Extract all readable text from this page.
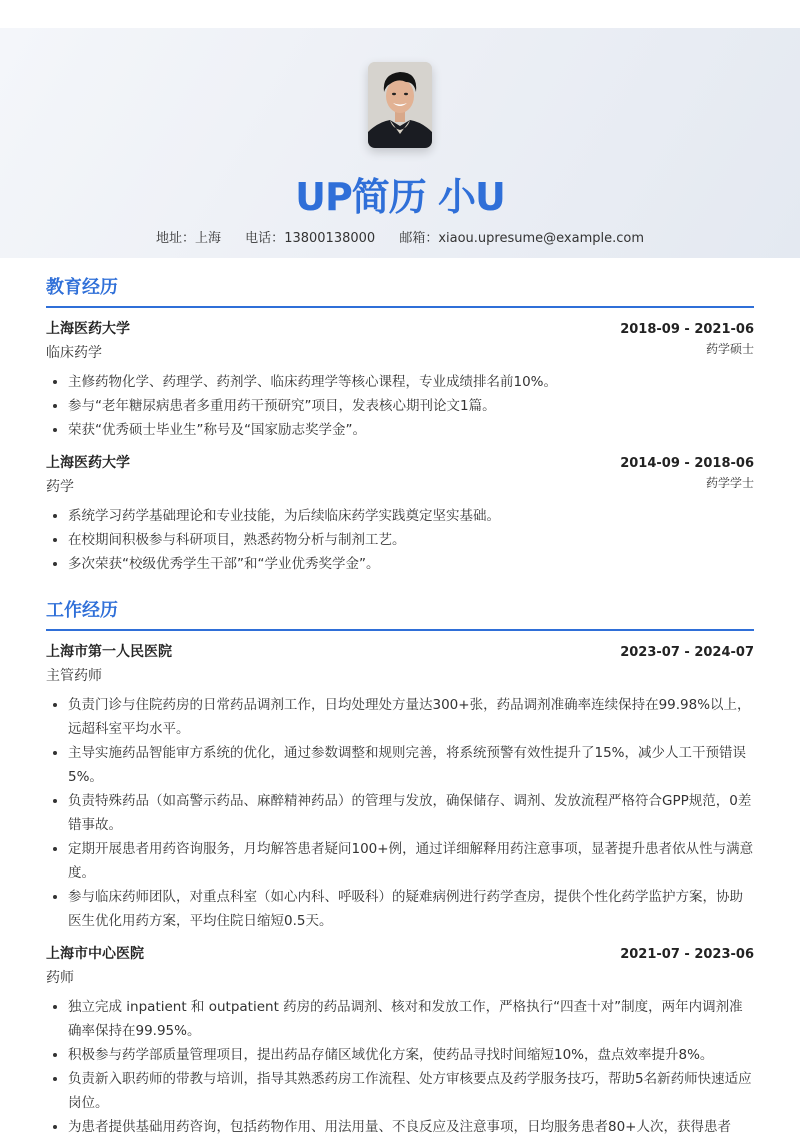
UP简历 小U
地址：上海 电话：13800138000 邮箱：xiaou.upresume@example.com
教育经历
上海医药大学	2018-09 - 2021-06
临床药学	药学硕士
• 主修药物化学、药理学、药剂学、临床药理学等核心课程，专业成绩排名前10%。
• 参与“老年糖尿病患者多重用药干预研究”项目，发表核心期刊论文1篇。
• 荣获“优秀硕士毕业生”称号及“国家励志奖学金”。
上海医药大学	2014-09 - 2018-06
药学	药学学士
• 系统学习药学基础理论和专业技能，为后续临床药学实践奠定坚实基础。
• 在校期间积极参与科研项目，熟悉药物分析与制剂工艺。
• 多次荣获“校级优秀学生干部”和“学业优秀奖学金”。
工作经历
上海市第一人民医院	2023-07 - 2024-07
主管药师
• 负责门诊与住院药房的日常药品调剂工作，日均处理处方量达300+张，药品调剂准确率连续保持在99.98%以上，远超科室平均水平。
• 主导实施药品智能审方系统的优化，通过参数调整和规则完善，将系统预警有效性提升了15%，减少人工干预错误5%。
• 负责特殊药品（如高警示药品、麻醉精神药品）的管理与发放，确保储存、调剂、发放流程严格符合GPP规范，0差错事故。
• 定期开展患者用药咨询服务，月均解答患者疑问100+例，通过详细解释用药注意事项，显著提升患者依从性与满意度。
• 参与临床药师团队，对重点科室（如心内科、呼吸科）的疑难病例进行药学查房，提供个性化药学监护方案，协助医生优化用药方案，平均住院日缩短0.5天。
上海市中心医院	2021-07 - 2023-06
药师
• 独立完成 inpatient 和 outpatient 药房的药品调剂、核对和发放工作，严格执行“四查十对”制度，两年内调剂准确率保持在99.95%。
• 积极参与药学部质量管理项目，提出药品存储区域优化方案，使药品寻找时间缩短10%，盘点效率提升8%。
• 负责新入职药师的带教与培训，指导其熟悉药房工作流程、处方审核要点及药学服务技巧，帮助5名新药师快速适应岗位。
• 为患者提供基础用药咨询，包括药物作用、用法用量、不良反应及注意事项，日均服务患者80+人次，获得患者
